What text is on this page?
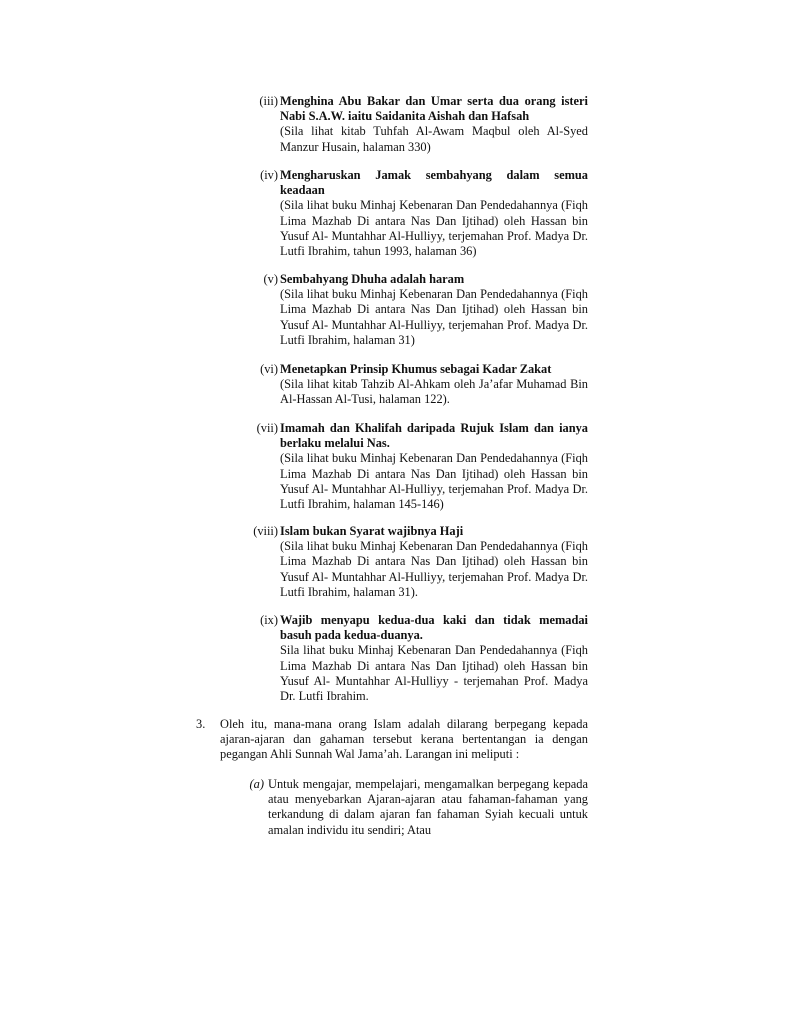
(iii) Menghina Abu Bakar dan Umar serta dua orang isteri Nabi S.A.W. iaitu Saidanita Aishah dan Hafsah
(Sila lihat kitab Tuhfah Al-Awam Maqbul oleh Al-Syed Manzur Husain, halaman 330)
(iv) Mengharuskan Jamak sembahyang dalam semua keadaan
(Sila lihat buku Minhaj Kebenaran Dan Pendedahannya (Fiqh Lima Mazhab Di antara Nas Dan Ijtihad) oleh Hassan bin Yusuf Al- Muntahhar Al-Hulliyy, terjemahan Prof. Madya Dr. Lutfi Ibrahim, tahun 1993, halaman 36)
(v) Sembahyang Dhuha adalah haram
(Sila lihat buku Minhaj Kebenaran Dan Pendedahannya (Fiqh Lima Mazhab Di antara Nas Dan Ijtihad) oleh Hassan bin Yusuf Al- Muntahhar Al-Hulliyy, terjemahan Prof. Madya Dr. Lutfi Ibrahim, halaman 31)
(vi) Menetapkan Prinsip Khumus sebagai Kadar Zakat
(Sila lihat kitab Tahzib Al-Ahkam oleh Ja’afar Muhamad Bin Al-Hassan Al-Tusi, halaman 122).
(vii) Imamah dan Khalifah daripada Rujuk Islam dan ianya berlaku melalui Nas.
(Sila lihat buku Minhaj Kebenaran Dan Pendedahannya (Fiqh Lima Mazhab Di antara Nas Dan Ijtihad) oleh Hassan bin Yusuf Al- Muntahhar Al-Hulliyy, terjemahan Prof. Madya Dr. Lutfi Ibrahim, halaman 145-146)
(viii) Islam bukan Syarat wajibnya Haji
(Sila lihat buku Minhaj Kebenaran Dan Pendedahannya (Fiqh Lima Mazhab Di antara Nas Dan Ijtihad) oleh Hassan bin Yusuf Al- Muntahhar Al-Hulliyy, terjemahan Prof. Madya Dr. Lutfi Ibrahim, halaman 31).
(ix) Wajib menyapu kedua-dua kaki dan tidak memadai basuh pada kedua-duanya.
Sila lihat buku Minhaj Kebenaran Dan Pendedahannya (Fiqh Lima Mazhab Di antara Nas Dan Ijtihad) oleh Hassan bin Yusuf Al- Muntahhar Al-Hulliyy - terjemahan Prof. Madya Dr. Lutfi Ibrahim.
3.	Oleh itu, mana-mana orang Islam adalah dilarang berpegang kepada ajaran-ajaran dan gahaman tersebut kerana bertentangan ia dengan pegangan Ahli Sunnah Wal Jama’ah. Larangan ini meliputi :
(a) Untuk mengajar, mempelajari, mengamalkan berpegang kepada atau menyebarkan Ajaran-ajaran atau fahaman-fahaman yang terkandung di dalam ajaran fan fahaman Syiah kecuali untuk amalan individu itu sendiri; Atau
